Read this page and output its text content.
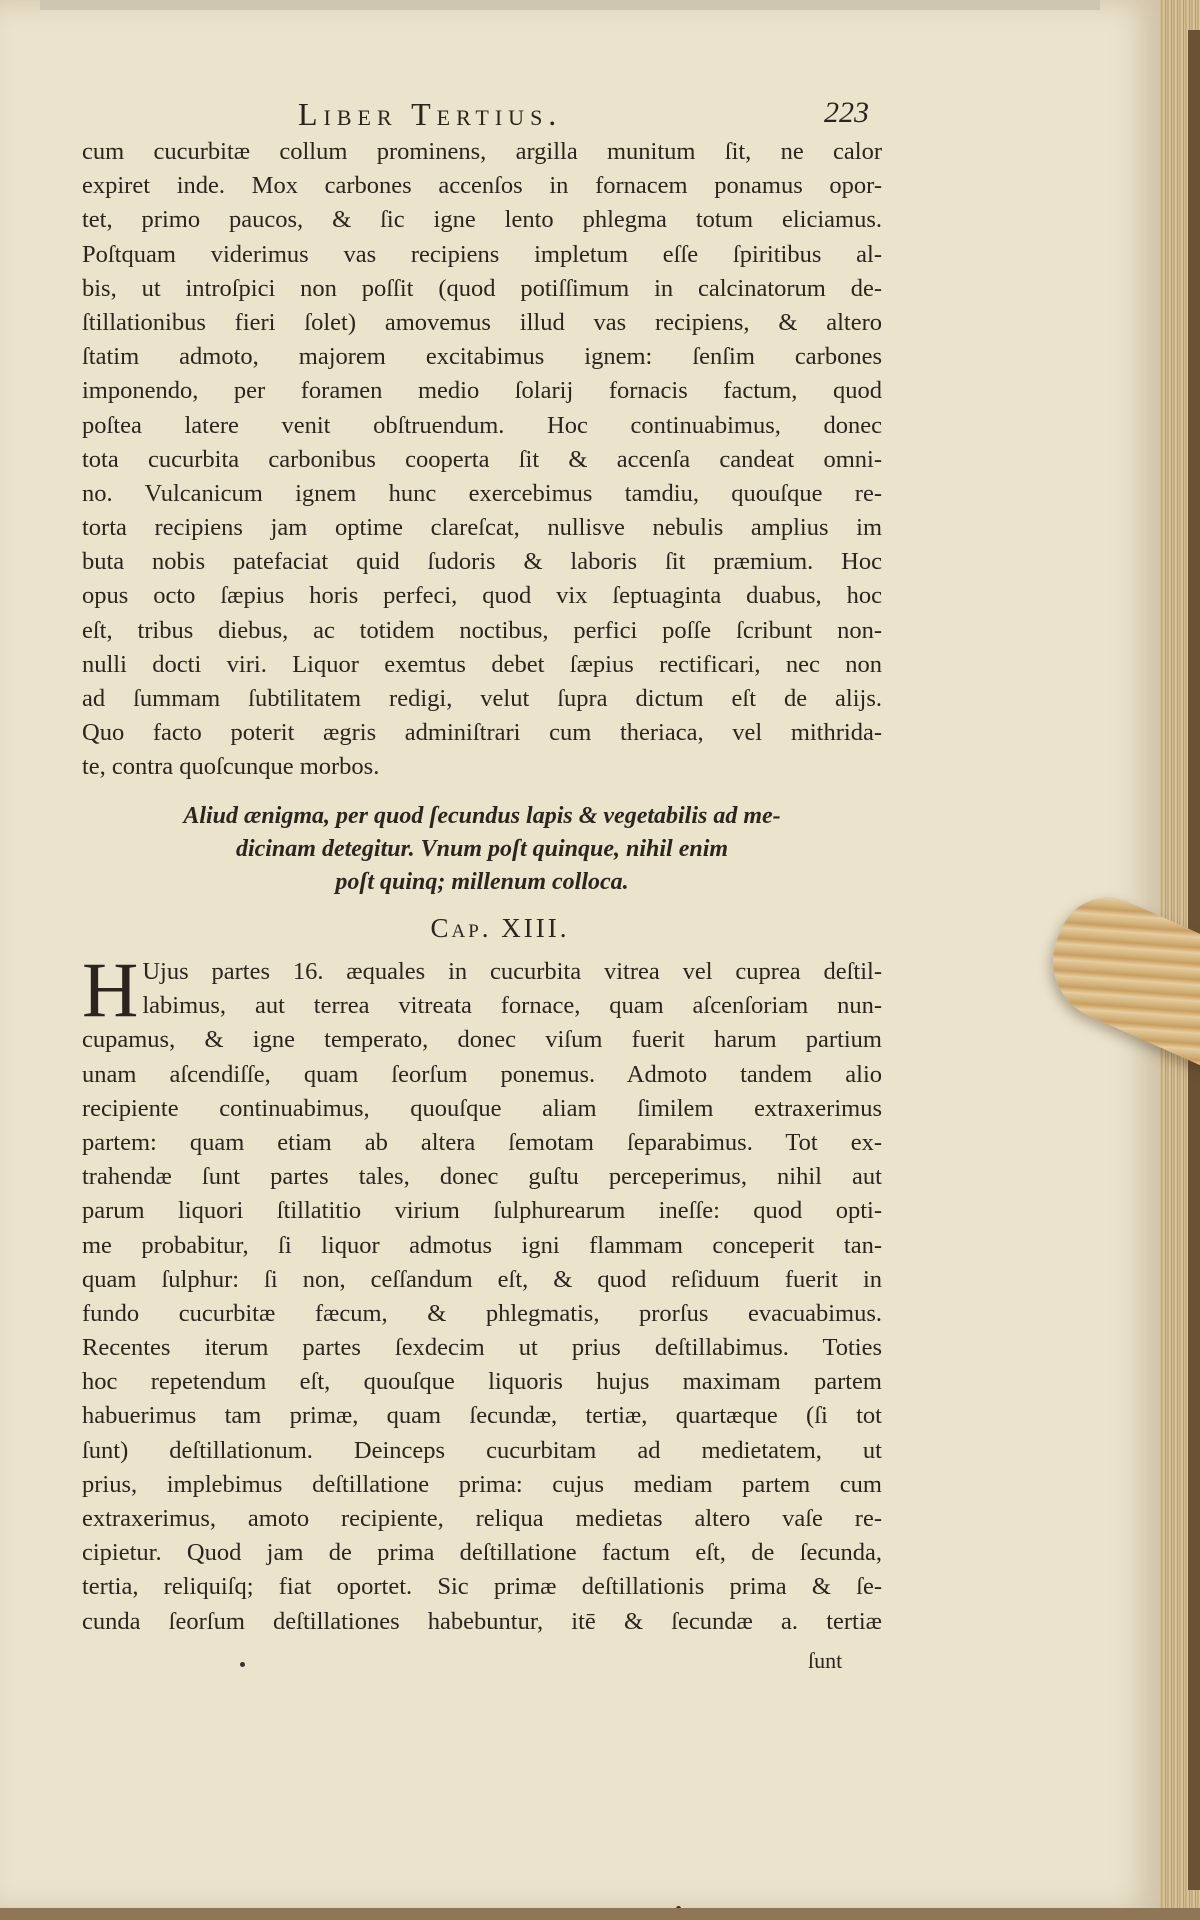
Liber Tertius.	223
cum cucurbitæ collum prominens, argilla munitum ſit, ne calor
expiret inde. Mox carbones accenſos in fornacem ponamus opor-
tet, primo paucos, & ſic igne lento phlegma totum eliciamus.
Poſtquam viderimus vas recipiens impletum eſſe ſpiritibus al-
bis, ut introſpici non poſſit (quod potiſſimum in calcinatorum de-
ſtillationibus fieri ſolet) amovemus illud vas recipiens, & altero
ſtatim admoto, majorem excitabimus ignem: ſenſim carbones
imponendo, per foramen medio ſolarij fornacis factum, quod
poſtea latere venit obſtruendum. Hoc continuabimus, donec
tota cucurbita carbonibus cooperta ſit & accenſa candeat omni-
no. Vulcanicum ignem hunc exercebimus tamdiu, quouſque re-
torta recipiens jam optime clareſcat, nullisve nebulis amplius im
buta nobis patefaciat quid ſudoris & laboris ſit præmium. Hoc
opus octo ſæpius horis perfeci, quod vix ſeptuaginta duabus, hoc
eſt, tribus diebus, ac totidem noctibus, perfici poſſe ſcribunt non-
nulli docti viri. Liquor exemtus debet ſæpius rectificari, nec non
ad ſummam ſubtilitatem redigi, velut ſupra dictum eſt de alijs.
Quo facto poterit ægris adminiſtrari cum theriaca, vel mithrida-
te, contra quoſcunque morbos.
Aliud ænigma, per quod ſecundus lapis & vegetabilis ad me-
dicinam detegitur. Vnum poſt quinque, nihil enim
poſt quinq; millenum colloca.
Cap. XIII.
H Ujus partes 16. æquales in cucurbita vitrea vel cuprea deſtil-
labimus, aut terrea vitreata fornace, quam aſcenſoriam nun-
cupamus, & igne temperato, donec viſum fuerit harum partium
unam aſcendiſſe, quam ſeorſum ponemus. Admoto tandem alio
recipiente continuabimus, quouſque aliam ſimilem extraxerimus
partem: quam etiam ab altera ſemotam ſeparabimus. Tot ex-
trahendæ ſunt partes tales, donec guſtu perceperimus, nihil aut
parum liquori ſtillatitio virium ſulphurearum ineſſe: quod opti-
me probabitur, ſi liquor admotus igni flammam conceperit tan-
quam ſulphur: ſi non, ceſſandum eſt, & quod reſiduum fuerit in
fundo cucurbitæ fæcum, & phlegmatis, prorſus evacuabimus.
Recentes iterum partes ſexdecim ut prius deſtillabimus. Toties
hoc repetendum eſt, quouſque liquoris hujus maximam partem
habuerimus tam primæ, quam ſecundæ, tertiæ, quartæque (ſi tot
ſunt) deſtillationum. Deinceps cucurbitam ad medietatem, ut
prius, implebimus deſtillatione prima: cujus mediam partem cum
extraxerimus, amoto recipiente, reliqua medietas altero vaſe re-
cipietur. Quod jam de prima deſtillatione factum eſt, de ſecunda,
tertia, reliquiſq; fiat oportet. Sic primæ deſtillationis prima & ſe-
cunda ſeorſum deſtillationes habebuntur, itē & ſecundæ a. tertiæ
ſunt
